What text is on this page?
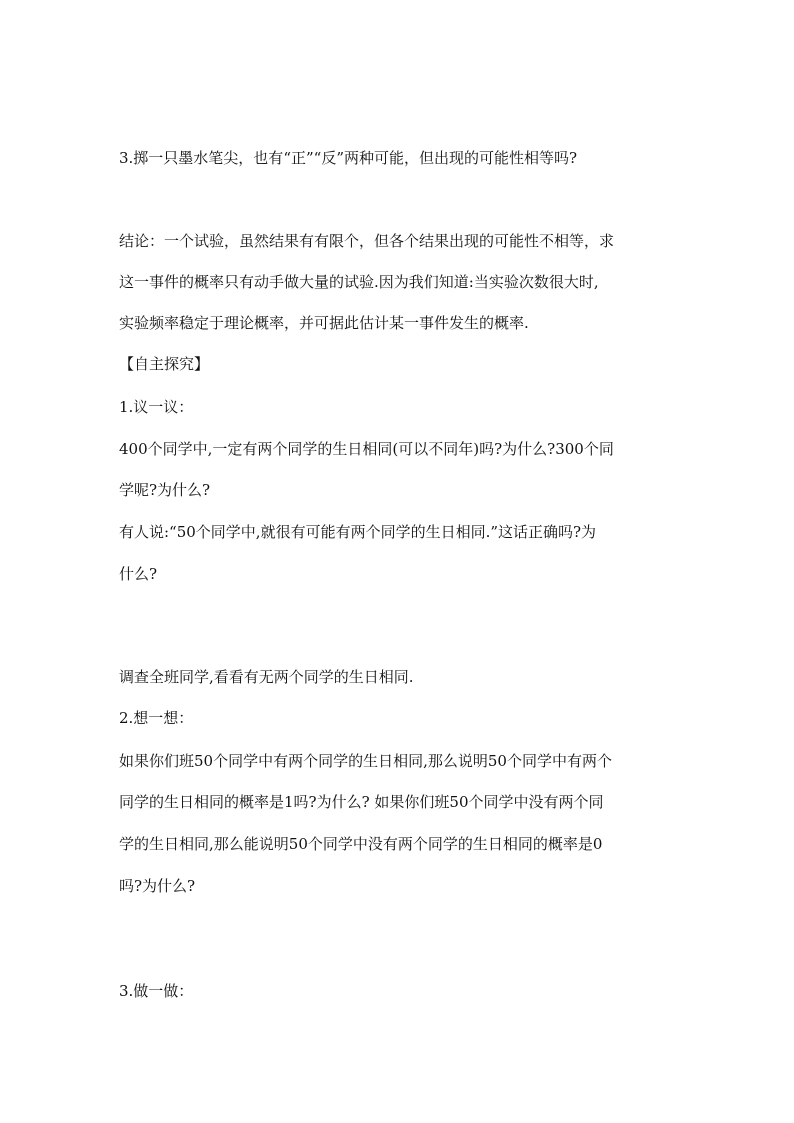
3.掷一只墨水笔尖，也有“正”“反”两种可能，但出现的可能性相等吗?
结论：一个试验，虽然结果有有限个，但各个结果出现的可能性不相等，求
这一事件的概率只有动手做大量的试验.因为我们知道:当实验次数很大时,
实验频率稳定于理论概率，并可据此估计某一事件发生的概率.
【自主探究】
1.议一议：
400个同学中,一定有两个同学的生日相同(可以不同年)吗?为什么?300个同
学呢?为什么?
有人说:“50个同学中,就很有可能有两个同学的生日相同.”这话正确吗?为
什么?
调查全班同学,看看有无两个同学的生日相同.
2.想一想：
如果你们班50个同学中有两个同学的生日相同,那么说明50个同学中有两个
同学的生日相同的概率是1吗?为什么? 如果你们班50个同学中没有两个同
学的生日相同,那么能说明50个同学中没有两个同学的生日相同的概率是0
吗?为什么?
3.做一做：
